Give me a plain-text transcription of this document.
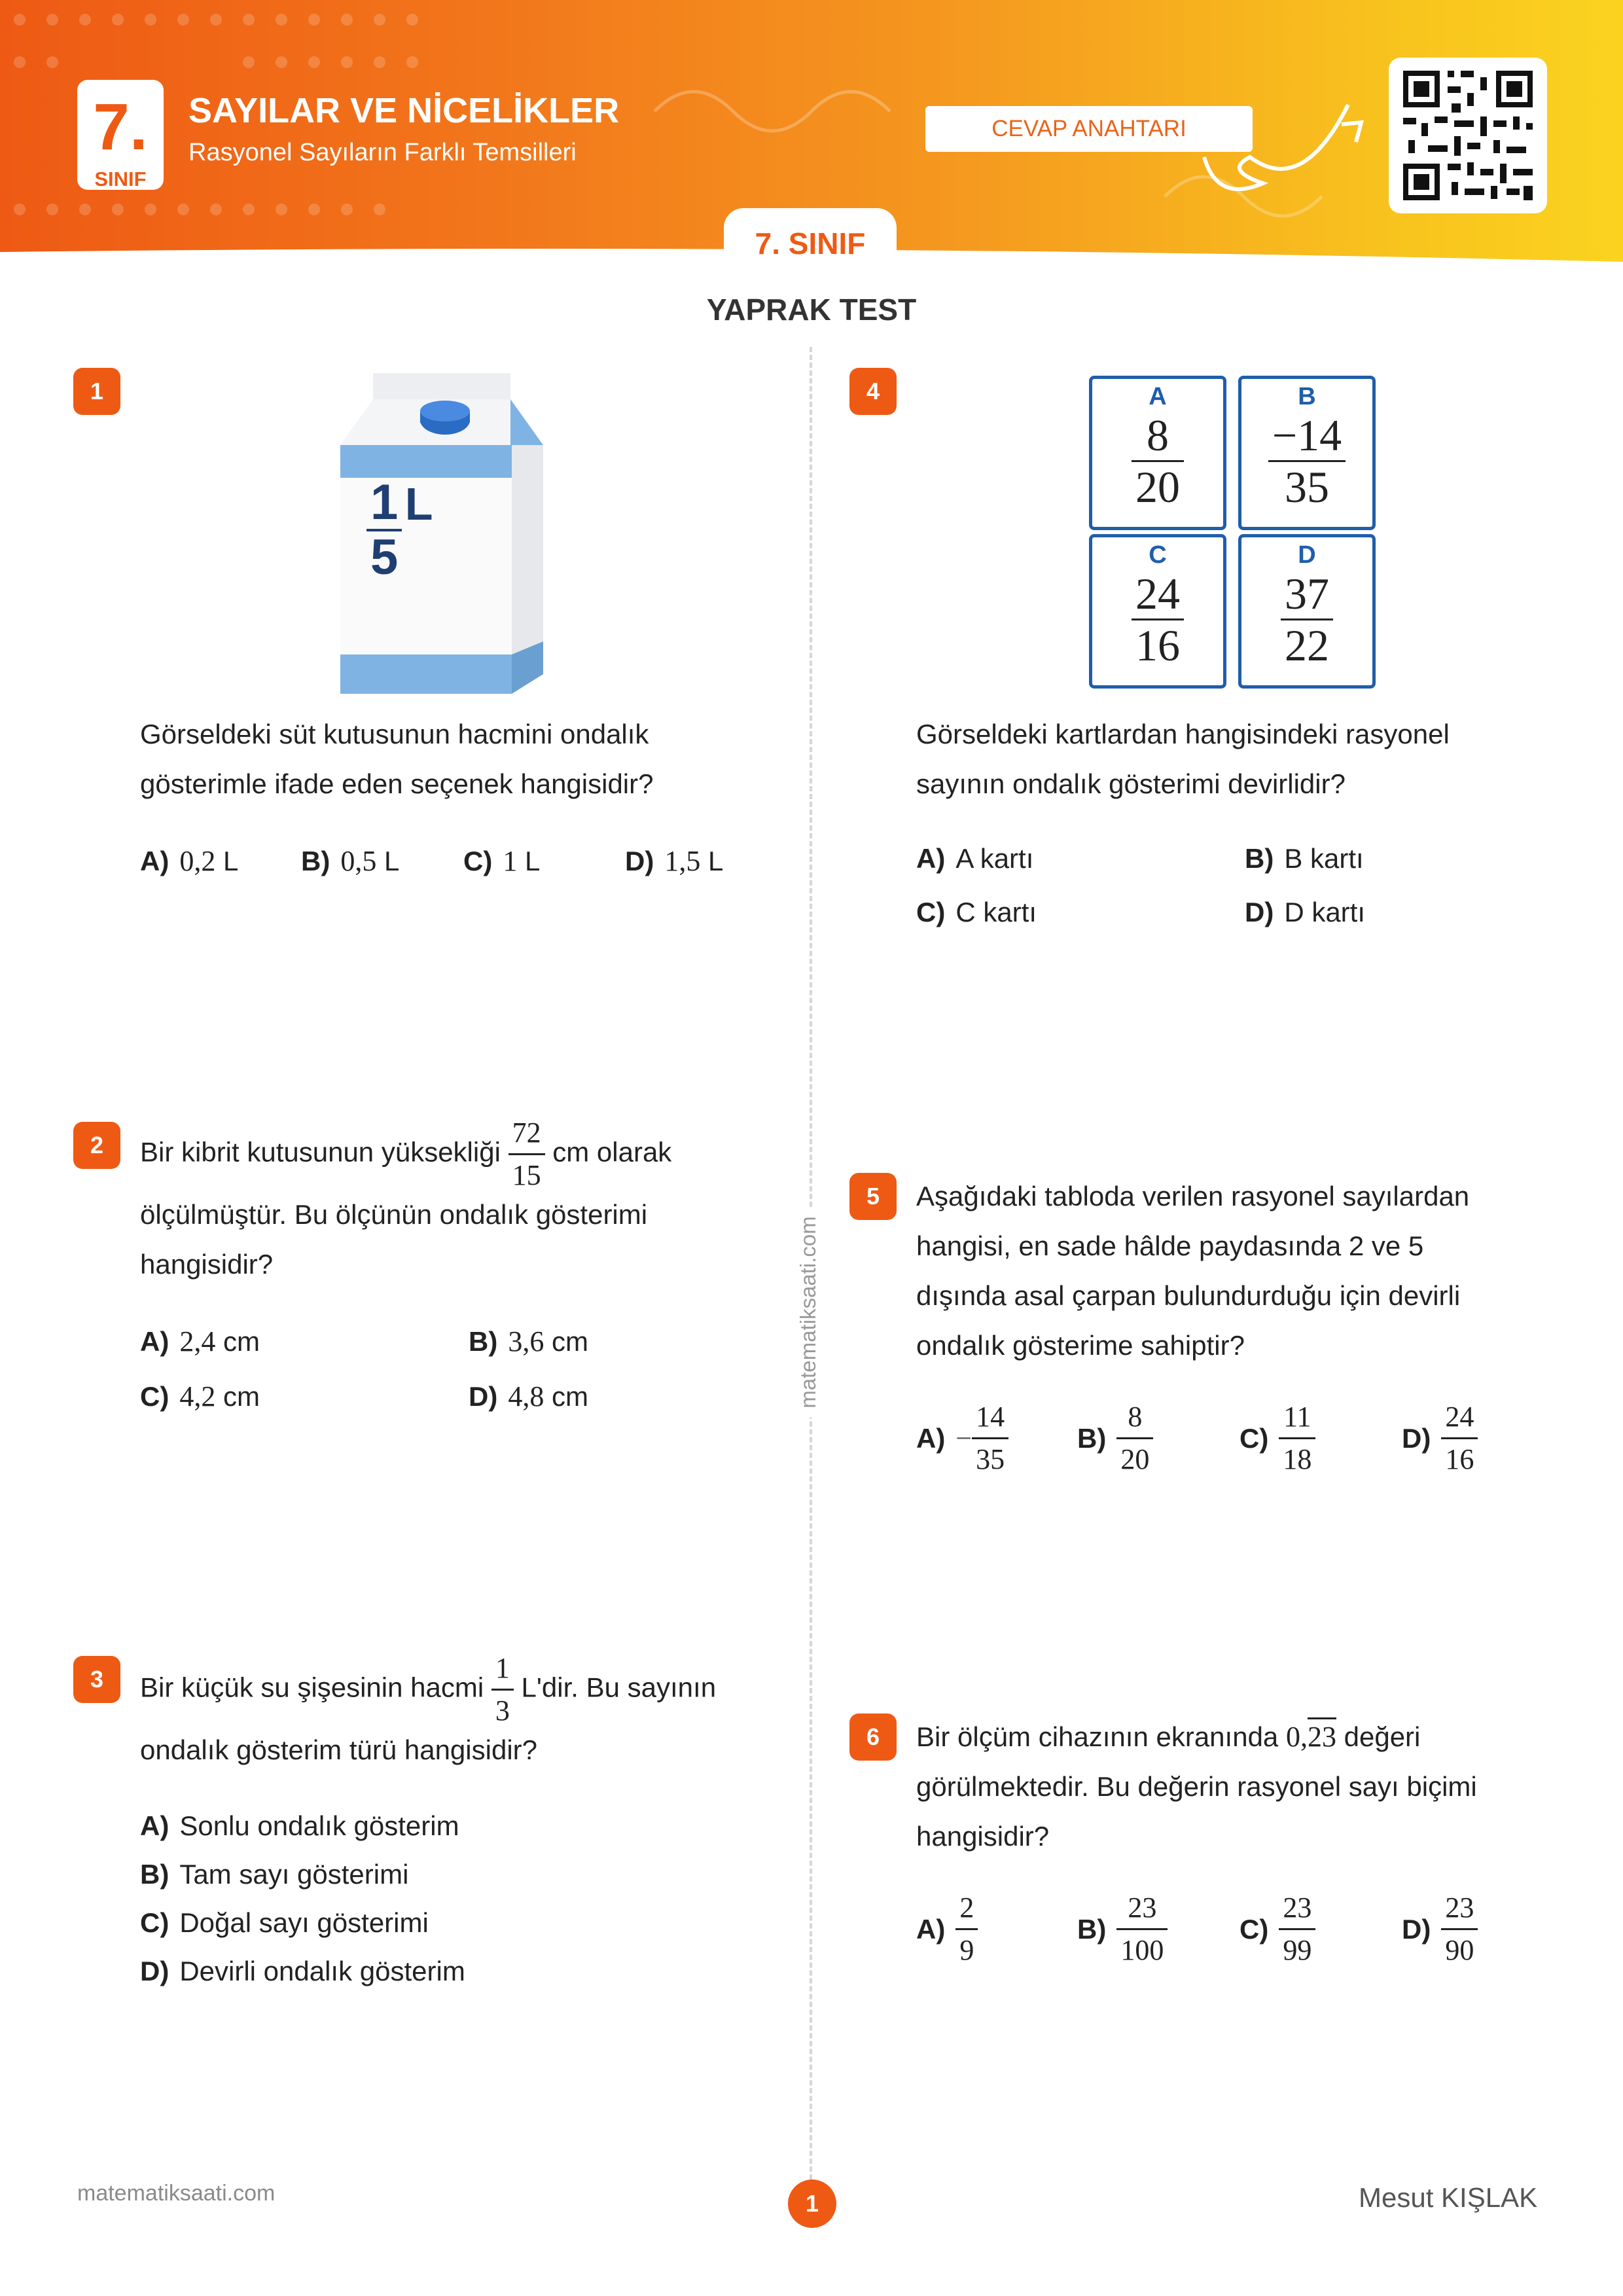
7.
SINIF
SAYILAR VE NİCELİKLER
Rasyonel Sayıların Farklı Temsilleri
CEVAP ANAHTARI
7. SINIF
YAPRAK TEST
matematiksaati.com
1
$\frac{1}{5}$ L
Görseldeki süt kutusunun hacmini ondalık
gösterimle ifade eden seçenek hangisidir?
A) 0,2 L B) 0,5 L C) 1 L	D) 1,5 L
2	Bir kibrit kutusunun yüksekliği $\frac{72}{15}$ cm olarak
ölçülmüştür. Bu ölçünün ondalık gösterimi
hangisidir?
A) 2,4 cm	B) 3,6 cm
C) 4,2 cm	D) 4,8 cm
3	Bir küçük su şişesinin hacmi $\frac{1}{3} L'dir$. Bu sayının
ondalık gösterim türü hangisidir?
A) Sonlu ondalık gösterim
B) Tam sayı gösterimi
C) Doğal sayı gösterimi
D) Devirli ondalık gösterim
4	A
$\frac{8}{20}$
B
$\frac{-14}{35}$
C
$\frac{24}{16}$
D
$\frac{37}{22}$
Görseldeki kartlardan hangisindeki rasyonel
sayının ondalık gösterimi devirlidir?
A) A kartı	B) B kartı
C) C kartı	D) D kartı
5	Aşağıdaki tabloda verilen rasyonel sayılardan
hangisi, en sade hâlde paydasında 2 ve 5
dışında asal çarpan bulundurduğu için devirli
ondalık gösterime sahiptir?
$A) - \frac{14}{35} B) \frac{8}{20}$	$C) \frac{11}{18}$	$D) \frac{24}{16}$
6	Bir ölçüm cihazının ekranında 0,23 değeri
görülmektedir. Bu değerin rasyonel sayı biçimi
hangisidir?
$A) \frac{2}{9}$	$B) \frac{23}{100}$	$C) \frac{23}{99}$	$D) \frac{23}{90}$
matematiksaati.com	1	Mesut KIŞLAK
